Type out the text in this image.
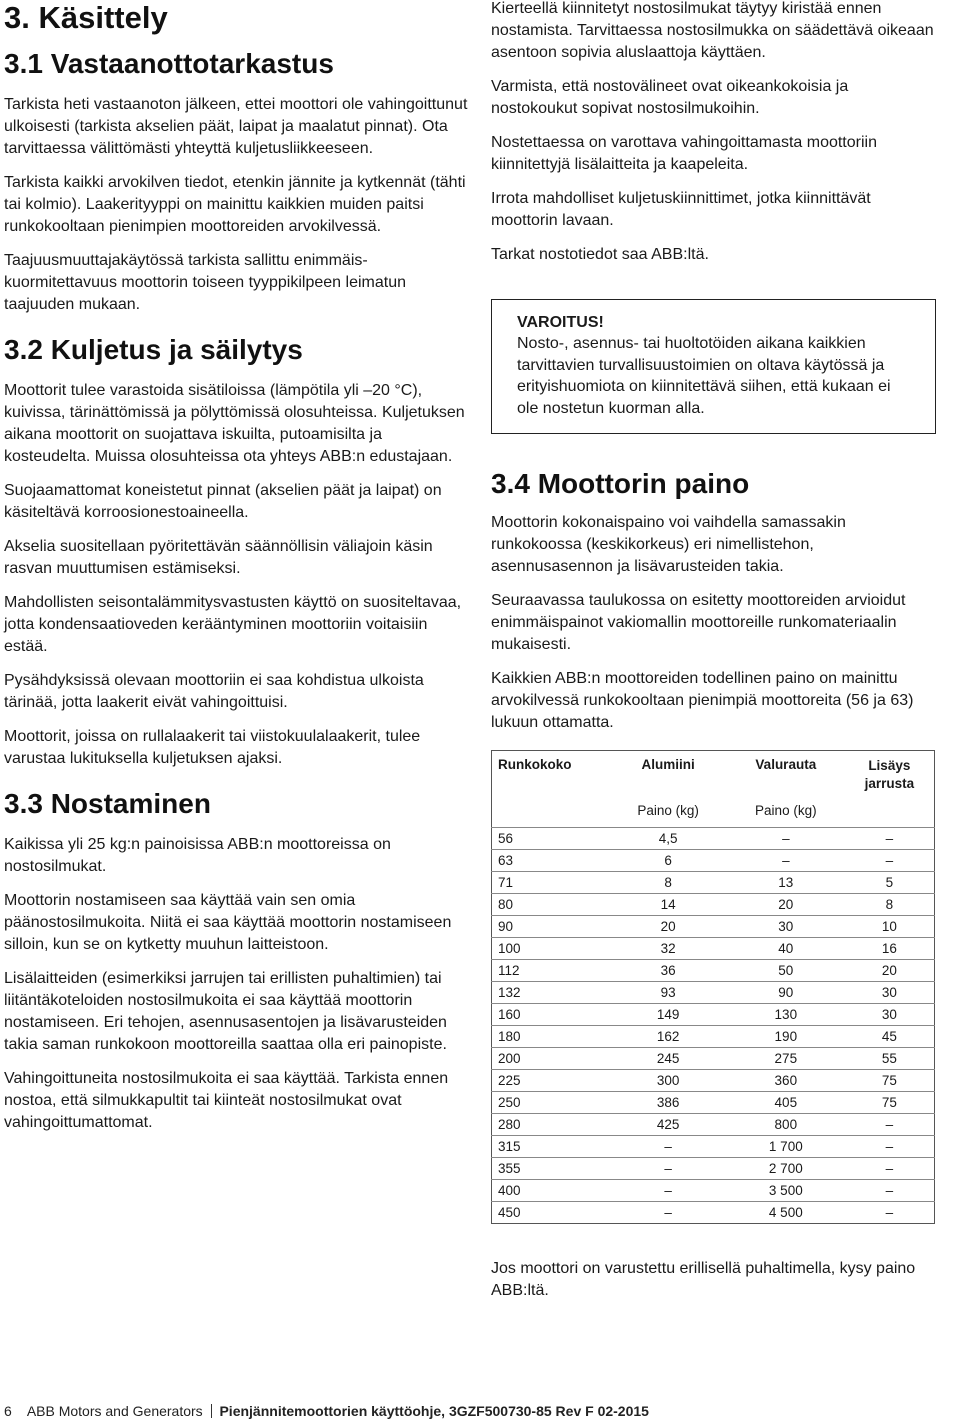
3. Käsittely
3.1 Vastaanottotarkastus

Tarkista heti vastaanoton jälkeen, ettei moottori ole vahingoittunut ulkoisesti (tarkista akselien päät, laipat ja maalatut pinnat). Ota tarvittaessa välittömästi yhteyttä kuljetusliikkeeseen.

Tarkista kaikki arvokilven tiedot, etenkin jännite ja kytkennät (tähti tai kolmio). Laakerityyppi on mainittu kaikkien muiden paitsi runkokooltaan pienimpien moottoreiden arvokilvessä.

Taajuusmuuttajakäytössä tarkista sallittu enimmäis-kuormitettavuus moottorin toiseen tyyppikilpeen leimatun taajuuden mukaan.

3.2 Kuljetus ja säilytys

Moottorit tulee varastoida sisätiloissa (lämpötila yli –20 °C), kuivissa, tärinättömissä ja pölyttömissä olosuhteissa. Kuljetuksen aikana moottorit on suojattava iskuilta, putoamisilta ja kosteudelta. Muissa olosuhteissa ota yhteys ABB:n edustajaan.

Suojaamattomat koneistetut pinnat (akselien päät ja laipat) on käsiteltävä korroosionestoaineella.

Akselia suositellaan pyöritettävän säännöllisin väliajoin käsin rasvan muuttumisen estämiseksi.

Mahdollisten seisontalämmitysvastusten käyttö on suositeltavaa, jotta kondensaatioveden kerääntyminen moottoriin voitaisiin estää.

Pysähdyksissä olevaan moottoriin ei saa kohdistua ulkoista tärinää, jotta laakerit eivät vahingoittuisi.

Moottorit, joissa on rullalaakerit tai viistokuulalaakerit, tulee varustaa lukituksella kuljetuksen ajaksi.

3.3 Nostaminen

Kaikissa yli 25 kg:n painoisissa ABB:n moottoreissa on nostosilmukat.

Moottorin nostamiseen saa käyttää vain sen omia päänostosilmukoita. Niitä ei saa käyttää moottorin nostamiseen silloin, kun se on kytketty muuhun laitteistoon.

Lisälaitteiden (esimerkiksi jarrujen tai erillisten puhaltimien) tai liitäntäkoteloiden nostosilmukoita ei saa käyttää moottorin nostamiseen. Eri tehojen, asennusasentojen ja lisävarusteiden takia saman runkokoon moottoreilla saattaa olla eri painopiste.

Vahingoittuneita nostosilmukoita ei saa käyttää. Tarkista ennen nostoa, että silmukkapultit tai kiinteät nostosilmukat ovat vahingoittumattomat.

Kierteellä kiinnitetyt nostosilmukat täytyy kiristää ennen nostamista. Tarvittaessa nostosilmukka on säädettävä oikeaan asentoon sopivia aluslaattoja käyttäen.

Varmista, että nostovälineet ovat oikeankokoisia ja nostokoukut sopivat nostosilmukoihin.

Nostettaessa on varottava vahingoittamasta moottoriin kiinnitettyjä lisälaitteita ja kaapeleita.

Irrota mahdolliset kuljetuskiinnittimet, jotka kiinnittävät moottorin lavaan.

Tarkat nostotiedot saa ABB:ltä.

VAROITUS!

Nosto-, asennus- tai huoltotöiden aikana kaikkien tarvittavien turvallisuustoimien on oltava käytössä ja erityishuomiota on kiinnitettävä siihen, että kukaan ei ole nostetun kuorman alla.

3.4 Moottorin paino

Moottorin kokonaispaino voi vaihdella samassakin runkokoossa (keskikorkeus) eri nimellistehon, asennusasennon ja lisävarusteiden takia.

Seuraavassa taulukossa on esitetty moottoreiden arvioidut enimmäispainot vakiomallin moottoreille runkomateriaalin mukaisesti.

Kaikkien ABB:n moottoreiden todellinen paino on mainittu arvokilvessä runkokooltaan pienimpiä moottoreita (56 ja 63) lukuun ottamatta.

Runkokoko	Alumiini	Valurauta	Lisäys jarrusta
	Paino (kg)	Paino (kg)	
56	4,5	–	–
63	6	–	–
71	8	13	5
80	14	20	8
90	20	30	10
100	32	40	16
112	36	50	20
132	93	90	30
160	149	130	30
180	162	190	45
200	245	275	55
225	300	360	75
250	386	405	75
280	425	800	–
315	–	1 700	–
355	–	2 700	–
400	–	3 500	–
450	–	4 500	–

Jos moottori on varustettu erillisellä puhaltimella, kysy paino ABB:ltä.

6 ABB Motors and Generators Pienjännitemoottorien käyttöohje, 3GZF500730-85 Rev F 02-2015
